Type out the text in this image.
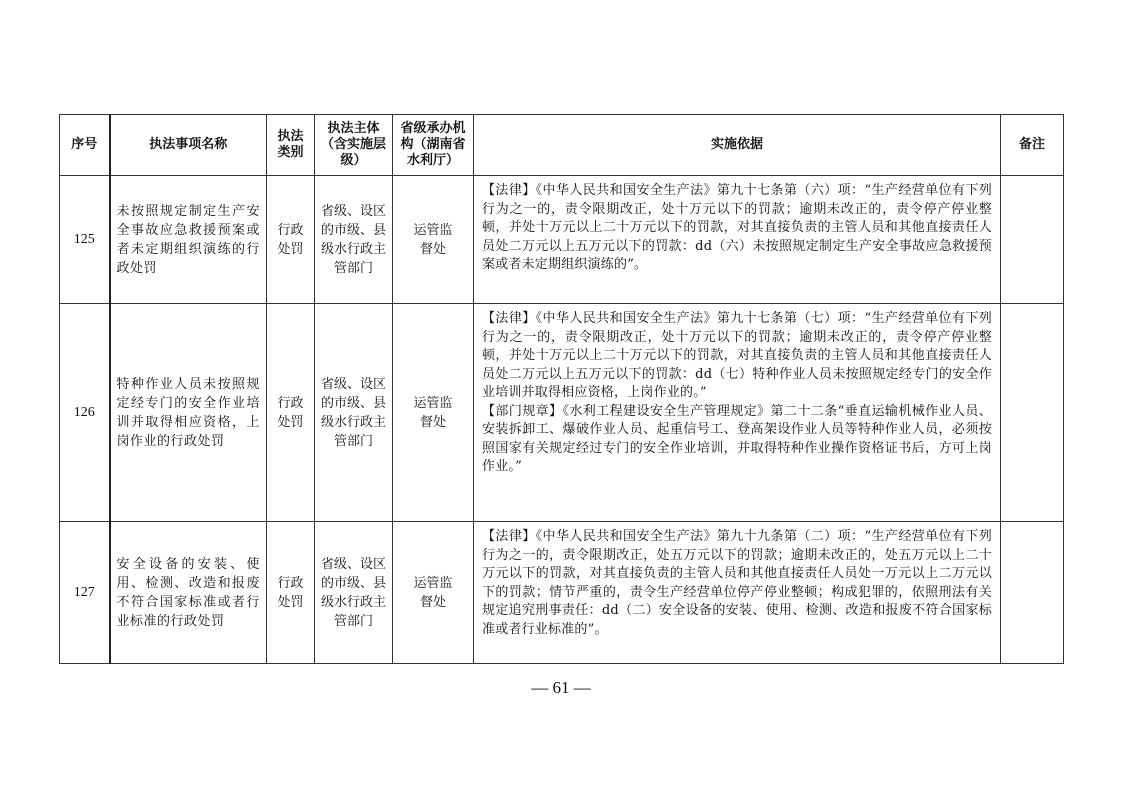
序号	执法事项名称	执法类别	执法主体（含实施层级）	省级承办机构（湖南省水利厅）	实施依据	备注
125	未按照规定制定生产安全事故应急救援预案或者未定期组织演练的行政处罚	行政处罚	省级、设区的市级、县级水行政主管部门	运管监督处	【法律】《中华人民共和国安全生产法》第九十七条第（六）项：“生产经营单位有下列行为之一的，责令限期改正，处十万元以下的罚款；逾期未改正的，责令停产停业整顿，并处十万元以上二十万元以下的罚款，对其直接负责的主管人员和其他直接责任人员处二万元以上五万元以下的罚款：dd（六）未按照规定制定生产安全事故应急救援预案或者未定期组织演练的”。	

126	特种作业人员未按照规定经专门的安全作业培训并取得相应资格，上岗作业的行政处罚	行政处罚	省级、设区的市级、县级水行政主管部门	运管监督处	【法律】《中华人民共和国安全生产法》第九十七条第（七）项：“生产经营单位有下列行为之一的，责令限期改正，处十万元以下的罚款；逾期未改正的，责令停产停业整顿，并处十万元以上二十万元以下的罚款，对其直接负责的主管人员和其他直接责任人员处二万元以上五万元以下的罚款：dd（七）特种作业人员未按照规定经专门的安全作业培训并取得相应资格，上岗作业的。”
【部门规章】《水利工程建设安全生产管理规定》第二十二条“垂直运输机械作业人员、安装拆卸工、爆破作业人员、起重信号工、登高架设作业人员等特种作业人员，必须按照国家有关规定经过专门的安全作业培训，并取得特种作业操作资格证书后，方可上岗作业。”	

127	安全设备的安装、使用、检测、改造和报废不符合国家标准或者行业标准的行政处罚	行政处罚	省级、设区的市级、县级水行政主管部门	运管监督处	【法律】《中华人民共和国安全生产法》第九十九条第（二）项：“生产经营单位有下列行为之一的，责令限期改正，处五万元以下的罚款；逾期未改正的，处五万元以上二十万元以下的罚款，对其直接负责的主管人员和其他直接责任人员处一万元以上二万元以下的罚款；情节严重的，责令生产经营单位停产停业整顿；构成犯罪的，依照刑法有关规定追究刑事责任：dd（二）安全设备的安装、使用、检测、改造和报废不符合国家标准或者行业标准的”。	

— 61 —
